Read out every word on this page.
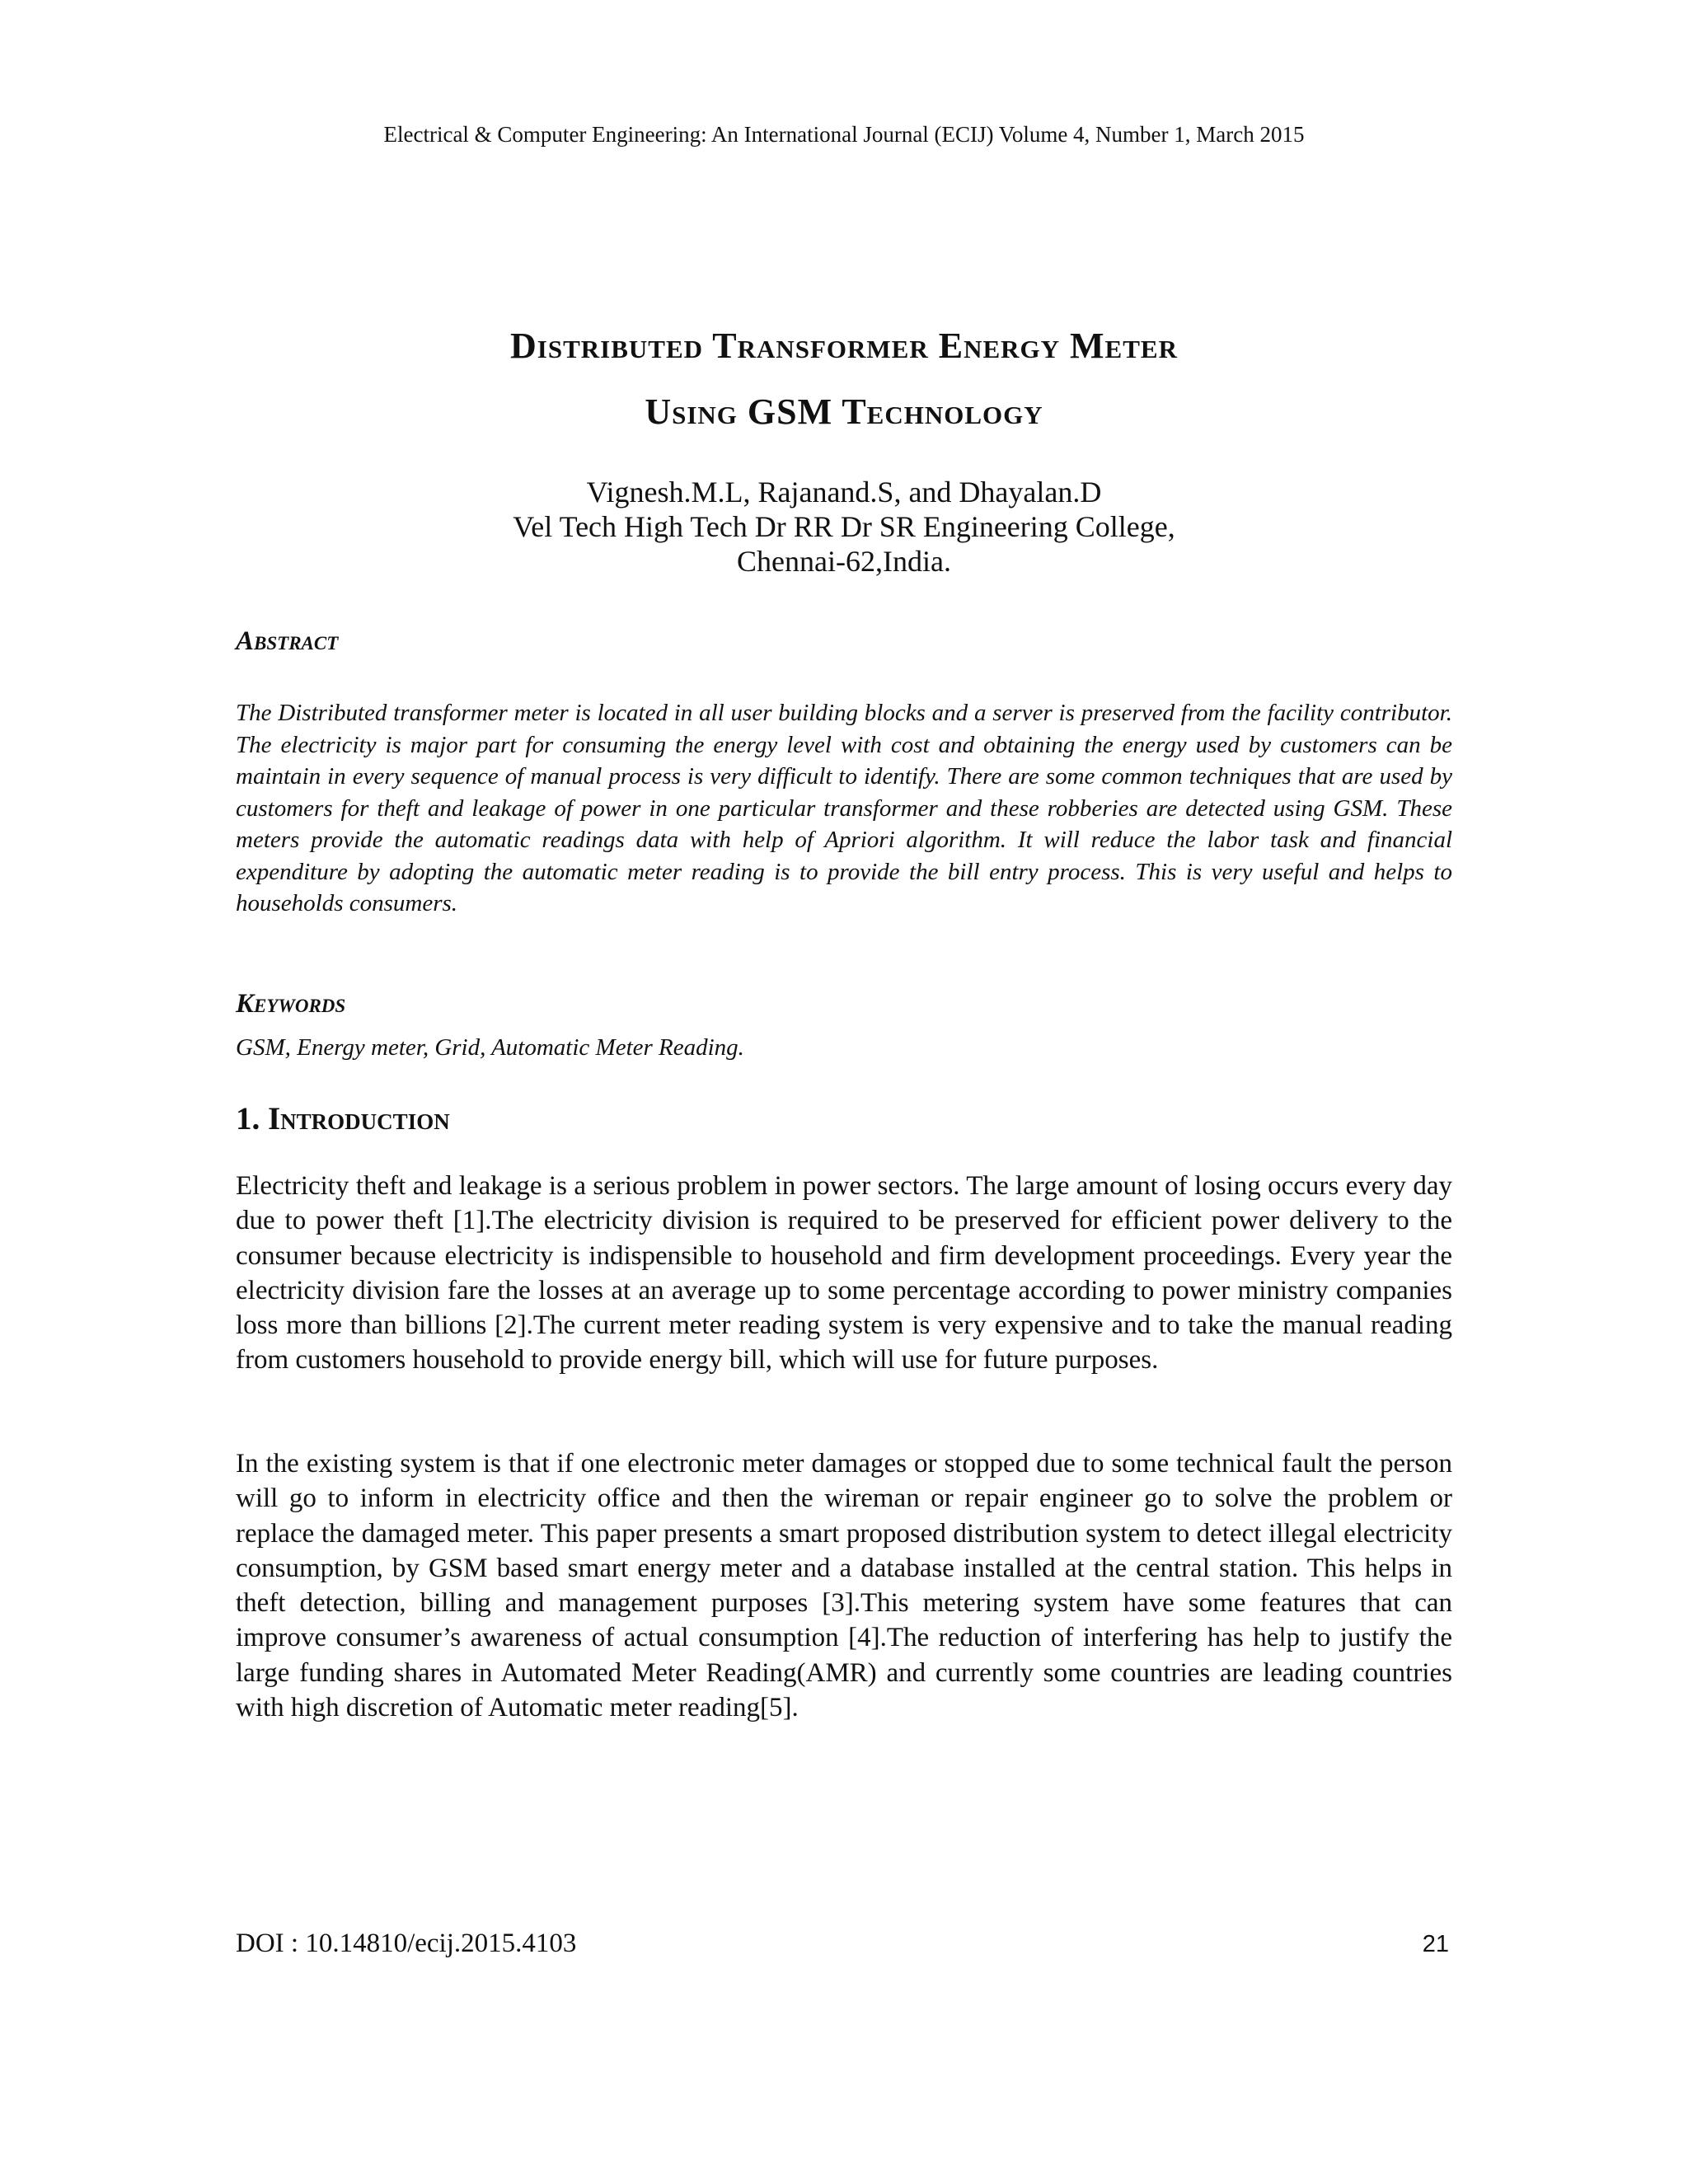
Electrical & Computer Engineering: An International Journal (ECIJ) Volume 4, Number 1, March 2015

Distributed Transformer Energy Meter
Using GSM Technology
Vignesh.M.L, Rajanand.S, and Dhayalan.D
Vel Tech High Tech Dr RR Dr SR Engineering College,
Chennai-62,India.
Abstract

The Distributed transformer meter is located in all user building blocks and a server is preserved from the facility contributor. The electricity is major part for consuming the energy level with cost and obtaining the energy used by customers can be maintain in every sequence of manual process is very difficult to identify. There are some common techniques that are used by customers for theft and leakage of power in one particular transformer and these robberies are detected using GSM. These meters provide the automatic readings data with help of Apriori algorithm. It will reduce the labor task and financial expenditure by adopting the automatic meter reading is to provide the bill entry process. This is very useful and helps to households consumers.

Keywords

GSM, Energy meter, Grid, Automatic Meter Reading.

1. Introduction

Electricity theft and leakage is a serious problem in power sectors. The large amount of losing occurs every day due to power theft [1].The electricity division is required to be preserved for efficient power delivery to the consumer because electricity is indispensible to household and firm development proceedings. Every year the electricity division fare the losses at an average up to some percentage according to power ministry companies loss more than billions [2].The current meter reading system is very expensive and to take the manual reading from customers household to provide energy bill, which will use for future purposes.

In the existing system is that if one electronic meter damages or stopped due to some technical fault the person will go to inform in electricity office and then the wireman or repair engineer go to solve the problem or replace the damaged meter. This paper presents a smart proposed distribution system to detect illegal electricity consumption, by GSM based smart energy meter and a database installed at the central station. This helps in theft detection, billing and management purposes [3].This metering system have some features that can improve consumer’s awareness of actual consumption [4].The reduction of interfering has help to justify the large funding shares in Automated Meter Reading(AMR) and currently some countries are leading countries with high discretion of Automatic meter reading[5].

DOI : 10.14810/ecij.2015.4103	21
